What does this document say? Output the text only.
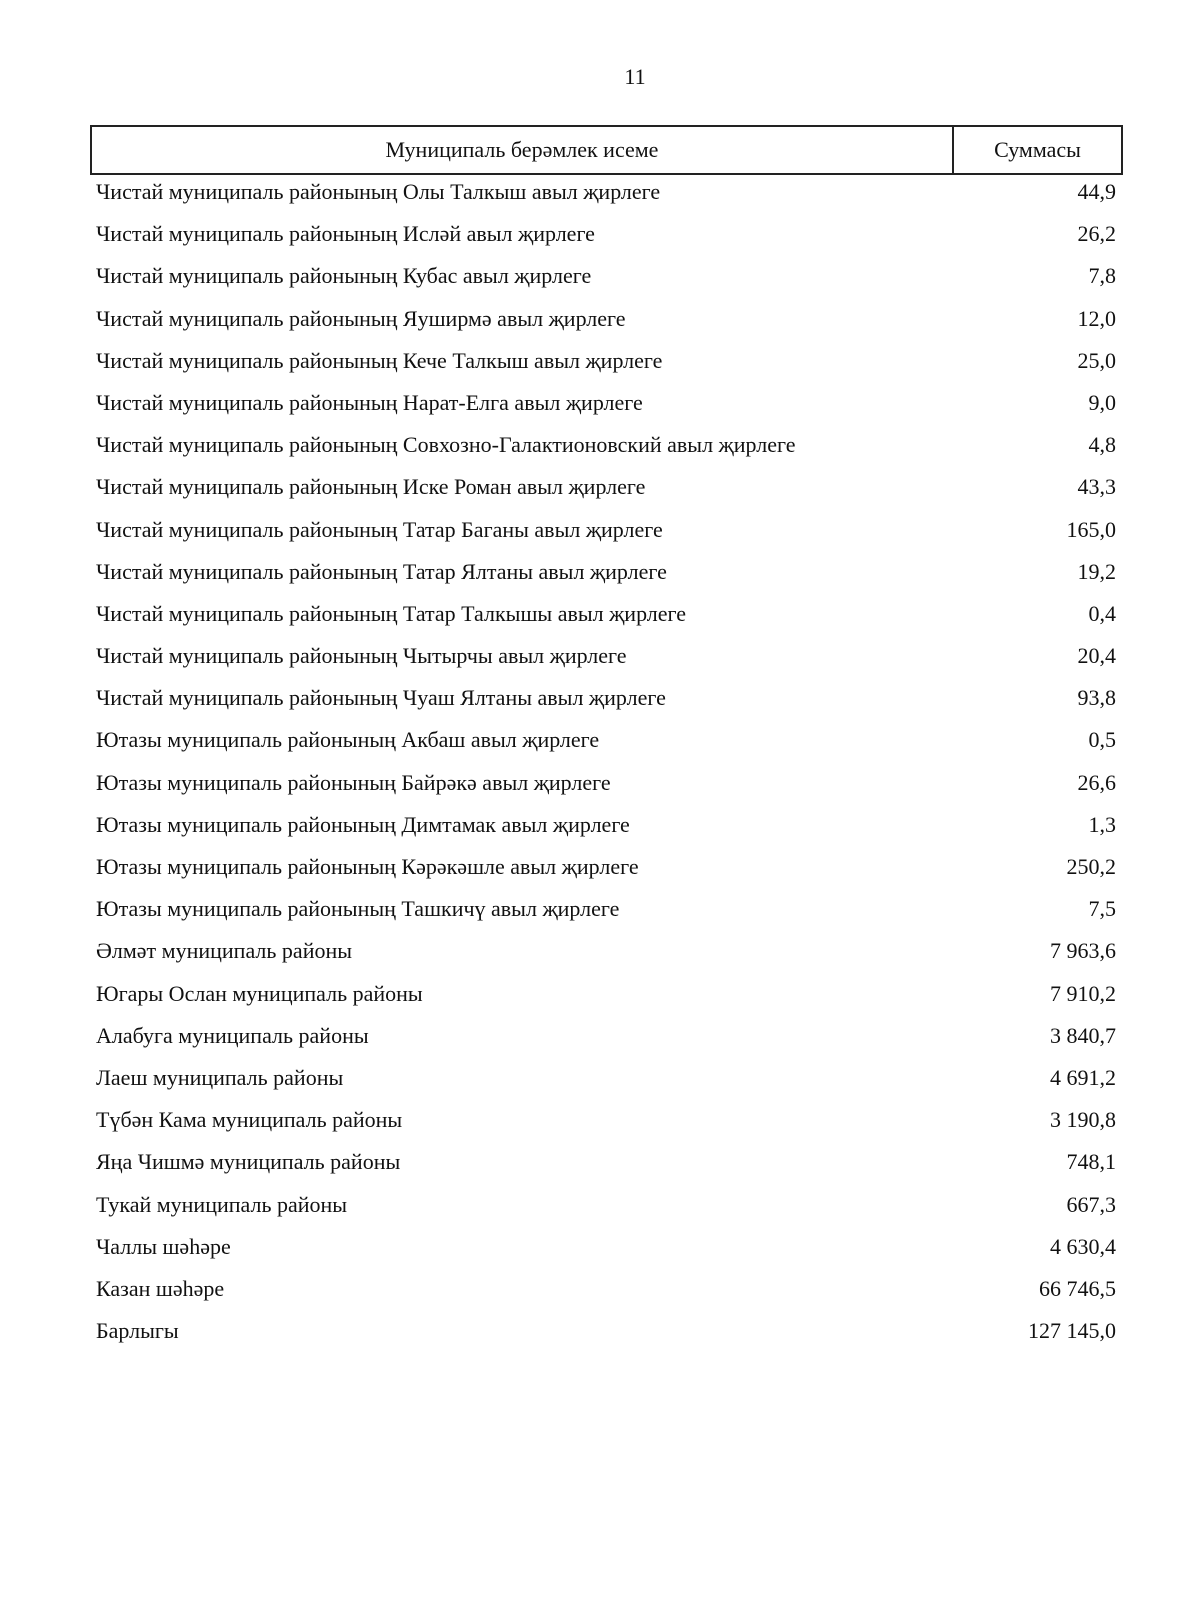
11
Муниципаль берәмлек исеме	Суммасы
Чистай муниципаль районының Олы Талкыш авыл җирлеге	44,9
Чистай муниципаль районының Исләй авыл җирлеге	26,2
Чистай муниципаль районының Кубас авыл җирлеге	7,8
Чистай муниципаль районының Яуширмә авыл җирлеге	12,0
Чистай муниципаль районының Кече Талкыш авыл җирлеге	25,0
Чистай муниципаль районының Нарат-Елга авыл җирлеге	9,0
Чистай муниципаль районының Совхозно-Галактионовский авыл җирлеге	4,8
Чистай муниципаль районының Иске Роман авыл җирлеге	43,3
Чистай муниципаль районының Татар Баганы авыл җирлеге	165,0
Чистай муниципаль районының Татар Ялтаны авыл җирлеге	19,2
Чистай муниципаль районының Татар Талкышы авыл җирлеге	0,4
Чистай муниципаль районының Чытырчы авыл җирлеге	20,4
Чистай муниципаль районының Чуаш Ялтаны авыл җирлеге	93,8
Ютазы муниципаль районының Акбаш авыл җирлеге	0,5
Ютазы муниципаль районының Байрәкә авыл җирлеге	26,6
Ютазы муниципаль районының Димтамак авыл җирлеге	1,3
Ютазы муниципаль районының Кәрәкәшле авыл җирлеге	250,2
Ютазы муниципаль районының Ташкичү авыл җирлеге	7,5
Әлмәт муниципаль районы	7 963,6
Югары Ослан муниципаль районы	7 910,2
Алабуга муниципаль районы	3 840,7
Лаеш муниципаль районы	4 691,2
Түбән Кама муниципаль районы	3 190,8
Яңа Чишмә муниципаль районы	748,1
Тукай муниципаль районы	667,3
Чаллы шәһәре	4 630,4
Казан шәһәре	66 746,5
Барлыгы	127 145,0
